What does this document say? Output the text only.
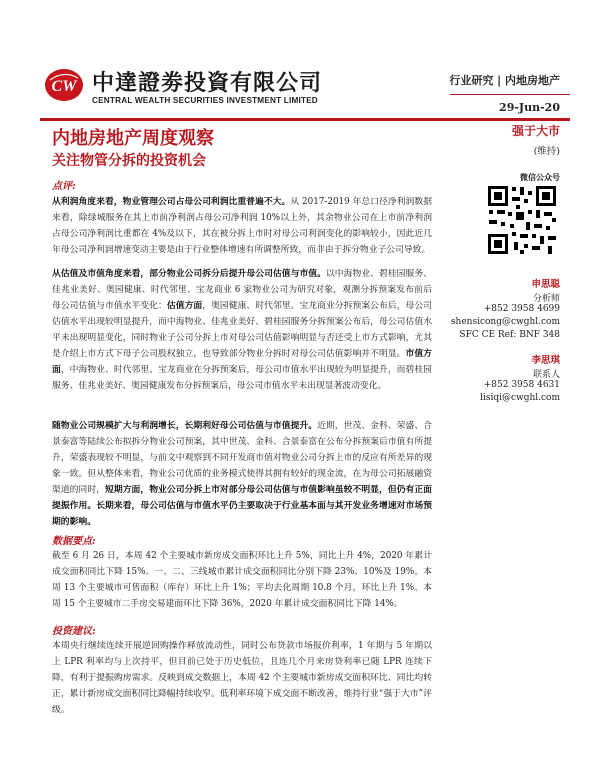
CW 中達證劵投資有限公司
CENTRAL WEALTH SECURITIES INVESTMENT LIMITED
行业研究 | 内地房地产
29-Jun-20
内地房地产周度观察
关注物管分拆的投资机会
点评:
从利润角度来看，物业管理公司占母公司利润比重普遍不大。从 2017-2019 年总口径净利润数据来看，除绿城服务在其上市前净利润占母公司净利润 10%以上外，其余物业公司在上市前净利润占母公司净利润比重都在 4%及以下，其在被分拆上市时对母公司利润变化的影响较小，因此近几年母公司净利润增速变动主要是由于行业整体增速有所调整所致，而非由于拆分物业子公司导致。
从估值及市值角度来看，部分物业公司拆分后提升母公司估值与市值。以中海物业、碧桂园服务、佳兆业美好、奥园健康、时代邻里、宝龙商业 6 家物业公司为研究对象，观测分拆预案发布前后母公司估值与市值水平变化：估值方面，奥园健康、时代邻里、宝龙商业分拆预案公布后，母公司估值水平出现较明显提升，而中海物业、佳兆业美好、碧桂园服务分拆预案公布后，母公司估值水平未出现明显变化，同时物业子公司分拆上市对母公司估值影响明显与否还受上市方式影响，尤其是介绍上市方式下母子公司股权独立，也导致部分物业分拆时对母公司估值影响并不明显。市值方面，中海物业、时代邻里、宝龙商业在分拆预案后，母公司市值水平出现较为明显提升，而碧桂园服务、佳兆业美好、奥园健康发布分拆预案后，母公司市值水平未出现显著波动变化。
随物业公司规模扩大与利润增长，长期利好母公司估值与市值提升。近期，世茂、金科、荣盛、合景泰富等陆续公布拟拆分物业公司预案，其中世茂、金科、合景泰富在公布分拆预案后市值有所提升，荣盛表现较不明显，与前文中观察到不同开发商市值对物业公司分拆上市的反应有所差异的现象一致。但从整体来看，物业公司优质的业务模式使得其拥有较好的现金流，在为母公司拓展融资渠道的同时，短期方面，物业公司分拆上市对部分母公司估值与市值影响虽较不明显，但仍有正面提振作用。长期来看，母公司估值与市值水平仍主要取决于行业基本面与其开发业务增速对市场预期的影响。
数据要点:
截至 6 月 26 日，本周 42 个主要城市新房成交面积环比上升 5%，同比上升 4%，2020 年累计成交面积同比下降 15%。一、二、三线城市累计成交面积同比分别下降 23%、10%及 19%。本周 13 个主要城市可售面积（库存）环比上升 1%；平均去化周期 10.8 个月，环比上升 1%。本周 15 个主要城市二手房交易建面环比下降 36%，2020 年累计成交面积同比下降 14%。
投资建议:
本周央行继续连续开展逆回购操作释放流动性，同时公布贷款市场报价利率，1 年期与 5 年期以上 LPR 利率均与上次持平，但目前已处于历史低位，且连几个月来房贷利率已随 LPR 连续下降，有利于提振购房需求。反映到成交数据上，本周 42 个主要城市新房成交面积环比、同比均转正，累计新房成交面积同比降幅持续收窄。低利率环境下成交面不断改善，维持行业“强于大市”评级。
强于大市
(维持)
微信公众号
申思聪
分析师
+852 3958 4699
shensicong@cwghl.com
SFC CE Ref: BNF 348
李思琪
联系人
+852 3958 4631
lisiqi@cwghl.com
